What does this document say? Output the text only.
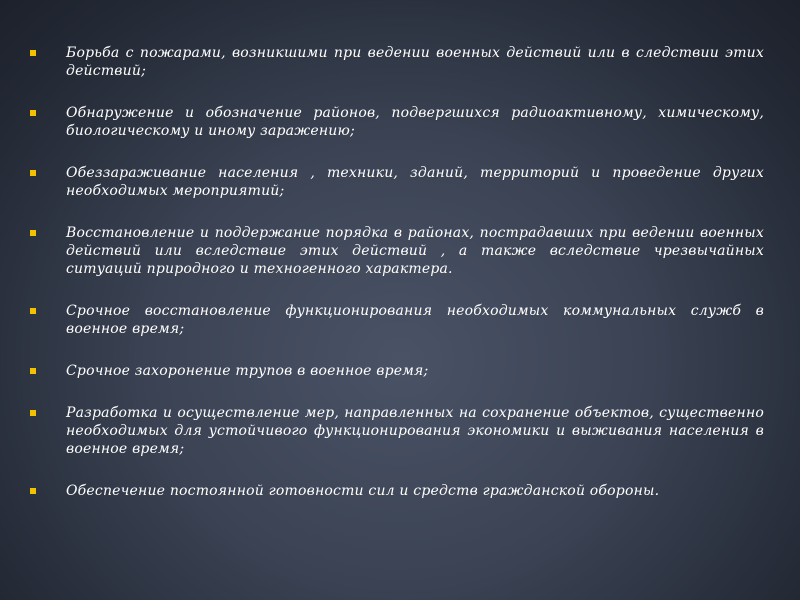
Борьба с пожарами, возникшими при ведении военных действий или в следствии этих действий;
Обнаружение и обозначение районов, подвергшихся радиоактивному, химическому, биологическому и иному заражению;
Обеззараживание населения , техники, зданий, территорий и проведение других необходимых мероприятий;
Восстановление и поддержание порядка в районах, пострадавших при ведении военных действий или вследствие этих действий , а также вследствие чрезвычайных ситуаций природного и техногенного характера.
Срочное восстановление функционирования необходимых коммунальных служб в военное время;
Срочное захоронение трупов в военное время;
Разработка и осуществление мер, направленных на сохранение объектов, существенно необходимых для устойчивого функционирования экономики и выживания населения в военное время;
Обеспечение постоянной готовности сил и средств гражданской обороны.
